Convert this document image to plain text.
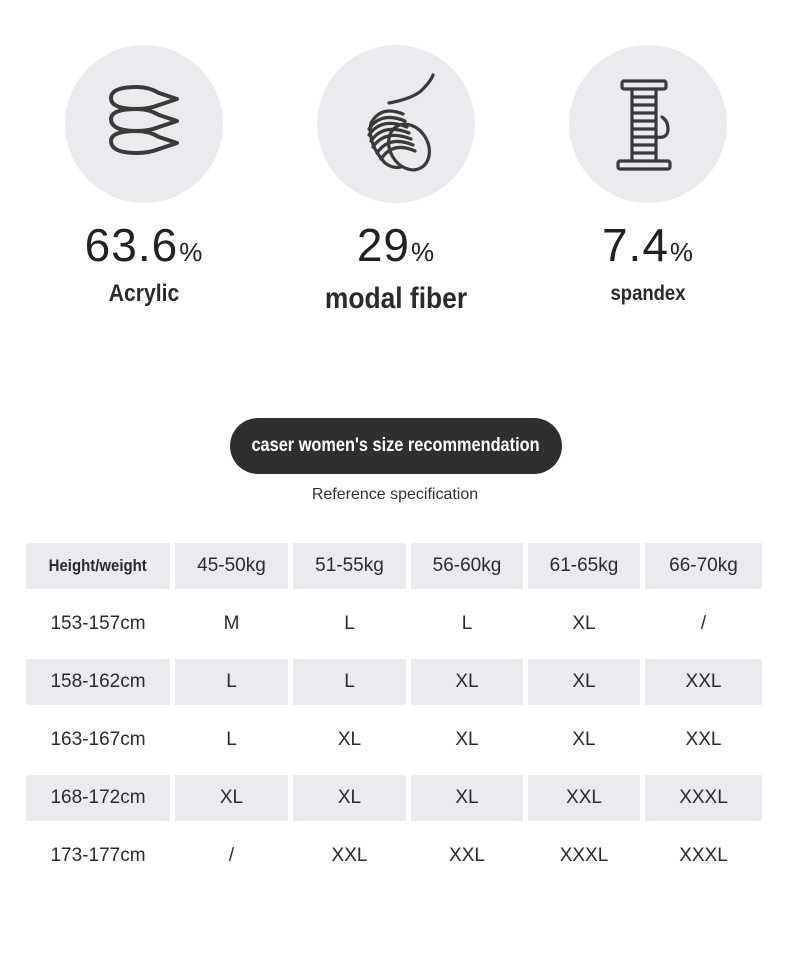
63.6%
Acrylic
29%
modal fiber
7.4%
spandex
caser women's size recommendation
Reference specification
Height/weight	45-50kg	51-55kg	56-60kg	61-65kg	66-70kg
153-157cm	M	L	L	XL	/
158-162cm	L	L	XL	XL	XXL
163-167cm	L	XL	XL	XL	XXL
168-172cm	XL	XL	XL	XXL	XXXL
173-177cm	/	XXL	XXL	XXXL	XXXL
